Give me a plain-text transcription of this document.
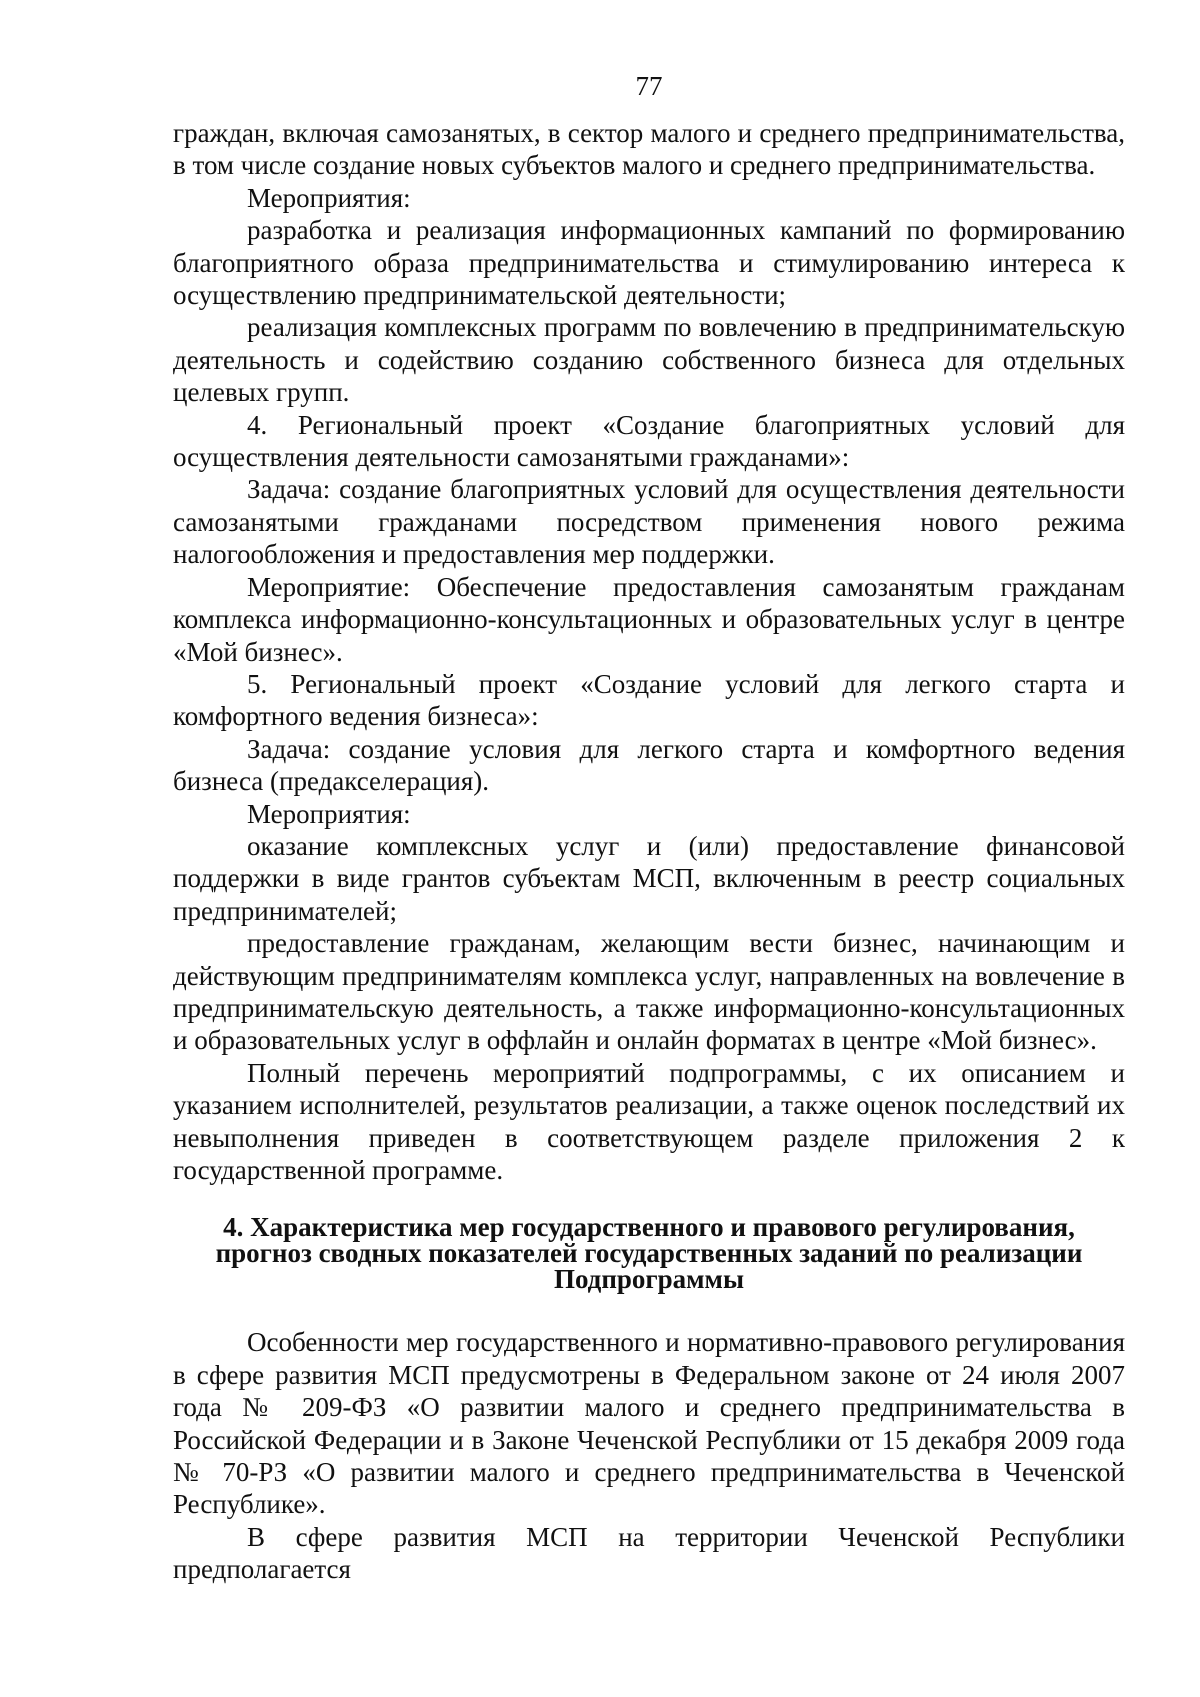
77

граждан, включая самозанятых, в сектор малого и среднего предпринимательства, в том числе создание новых субъектов малого и среднего предпринимательства.

Мероприятия:

разработка и реализация информационных кампаний по формированию благоприятного образа предпринимательства и стимулированию интереса к осуществлению предпринимательской деятельности;

реализация комплексных программ по вовлечению в предпринимательскую деятельность и содействию созданию собственного бизнеса для отдельных целевых групп.

4. Региональный проект «Создание благоприятных условий для осуществления деятельности самозанятыми гражданами»:

Задача: создание благоприятных условий для осуществления деятельности самозанятыми гражданами посредством применения нового режима налогообложения и предоставления мер поддержки.

Мероприятие: Обеспечение предоставления самозанятым гражданам комплекса информационно-консультационных и образовательных услуг в центре «Мой бизнес».

5. Региональный проект «Создание условий для легкого старта и комфортного ведения бизнеса»:

Задача: создание условия для легкого старта и комфортного ведения бизнеса (предакселерация).

Мероприятия:

оказание комплексных услуг и (или) предоставление финансовой поддержки в виде грантов субъектам МСП, включенным в реестр социальных предпринимателей;

предоставление гражданам, желающим вести бизнес, начинающим и действующим предпринимателям комплекса услуг, направленных на вовлечение в предпринимательскую деятельность, а также информационно-консультационных и образовательных услуг в оффлайн и онлайн форматах в центре «Мой бизнес».

Полный перечень мероприятий подпрограммы, с их описанием и указанием исполнителей, результатов реализации, а также оценок последствий их невыполнения приведен в соответствующем разделе приложения 2 к государственной программе.

4. Характеристика мер государственного и правового регулирования,
прогноз сводных показателей государственных заданий по реализации
Подпрограммы

Особенности мер государственного и нормативно-правового регулирования в сфере развития МСП предусмотрены в Федеральном законе от 24 июля 2007 года № 209-ФЗ «О развитии малого и среднего предпринимательства в Российской Федерации и в Законе Чеченской Республики от 15 декабря 2009 года № 70-РЗ «О развитии малого и среднего предпринимательства в Чеченской Республике».

В сфере развития МСП на территории Чеченской Республики предполагается
